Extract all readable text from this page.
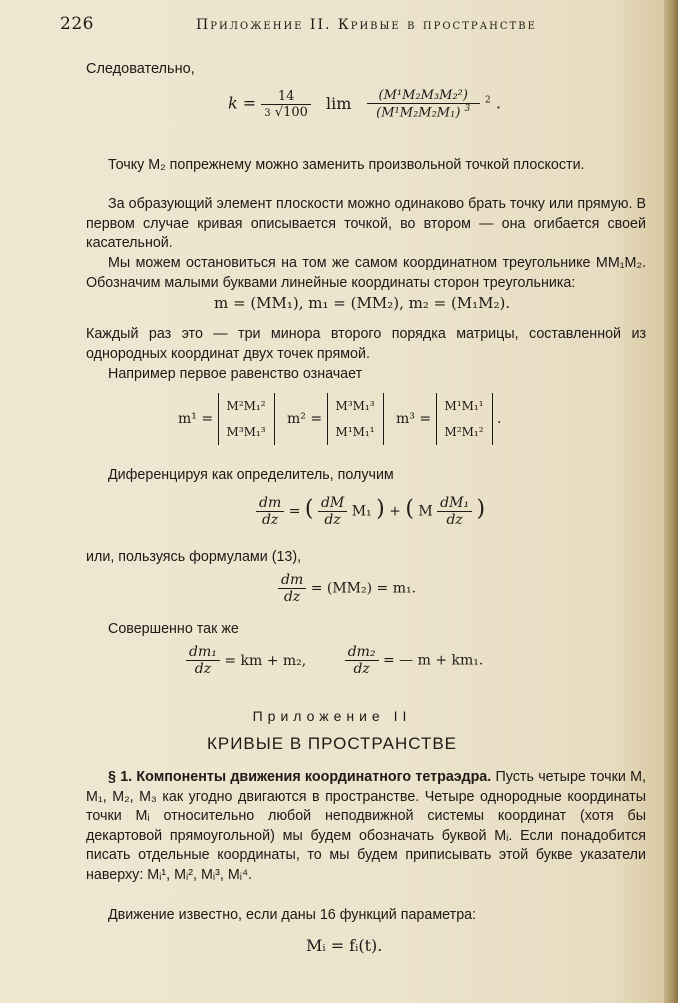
226	Приложение II. Кривые в пространстве
Следовательно,
$k = \frac{14}{3 √100}$ $\lim \frac{\text{(M¹M₂M₃M₂²)}}{(M^1M_2M_2M_1) ^3} ^2$ .
Точку M₂ попрежнему можно заменить произвольной точкой плоскости.
За образующий элемент плоскости можно одинаково брать точку или прямую. В первом случае кривая описывается точкой, во втором — она огибается своей касательной.
Мы можем остановиться на том же самом координатном треугольнике MM₁M₂. Обозначим малыми буквами линейные координаты сторон треугольника:
m = (MM₁), m₁ = (MM₂), m₂ = (M₁M₂).
Каждый раз это — три минора второго порядка матрицы, составленной из однородных координат двух точек прямой.
Например первое равенство означает
m¹ = M²M₁²
M³M₁³ m² = M³M₁³
M¹M₁¹ m³ = M¹M₁¹
M²M₁² .
Диференцируя как определитель, получим
$\frac{dm}{dz}$ = ( $\frac{dM}{dz} M_1$ ) + ( M $\frac{\text{dM₁}}{dz}$ )
или, пользуясь формулами (13),
$\frac{dm}{dz} = (MM_2) = m_1$.
Совершенно так же
$\frac{\text{dm₁}}{dz}$ = km + m₂,	$\frac{\text{dm₂}}{dz}$ = — m + km₁.
Приложение II
КРИВЫЕ В ПРОСТРАНСТВЕ
§ 1. Компоненты движения координатного тетраэдра. Пусть четыре точки M, M₁, M₂, M₃ как угодно двигаются в пространстве. Четыре однородные координаты точки Mᵢ относительно любой неподвижной системы координат (хотя бы декартовой прямоугольной) мы будем обозначать буквой Mᵢ. Если понадобится писать отдельные координаты, то мы будем приписывать этой букве указатели наверху: Mᵢ¹, Mᵢ², Mᵢ³, Mᵢ⁴.
Движение известно, если даны 16 функций параметра:
Mᵢ = fᵢ(t).
